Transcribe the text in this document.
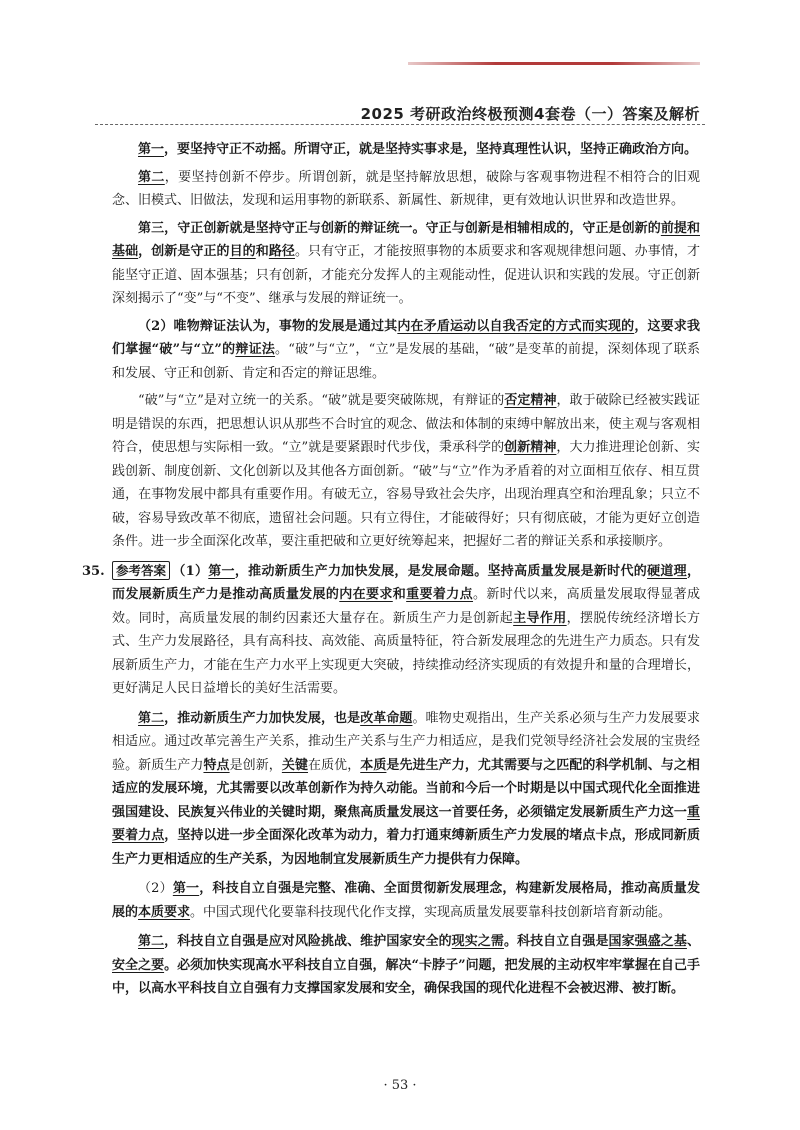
2025 考研政治终极预测4套卷（一）答案及解析

第一，要坚持守正不动摇。所谓守正，就是坚持实事求是，坚持真理性认识，坚持正确政治方向。

第二，要坚持创新不停步。所谓创新，就是坚持解放思想，破除与客观事物进程不相符合的旧观念、旧模式、旧做法，发现和运用事物的新联系、新属性、新规律，更有效地认识世界和改造世界。

第三，守正创新就是坚持守正与创新的辩证统一。守正与创新是相辅相成的，守正是创新的前提和基础，创新是守正的目的和路径。只有守正，才能按照事物的本质要求和客观规律想问题、办事情，才能坚守正道、固本强基；只有创新，才能充分发挥人的主观能动性，促进认识和实践的发展。守正创新深刻揭示了“变”与“不变”、继承与发展的辩证统一。

（2）唯物辩证法认为，事物的发展是通过其内在矛盾运动以自我否定的方式而实现的，这要求我们掌握“破”与“立”的辩证法。“破”与“立”，“立”是发展的基础，“破”是变革的前提，深刻体现了联系和发展、守正和创新、肯定和否定的辩证思维。

“破”与“立”是对立统一的关系。“破”就是要突破陈规，有辩证的否定精神，敢于破除已经被实践证明是错误的东西，把思想认识从那些不合时宜的观念、做法和体制的束缚中解放出来，使主观与客观相符合，使思想与实际相一致。“立”就是要紧跟时代步伐，秉承科学的创新精神，大力推进理论创新、实践创新、制度创新、文化创新以及其他各方面创新。“破”与“立”作为矛盾着的对立面相互依存、相互贯通，在事物发展中都具有重要作用。有破无立，容易导致社会失序，出现治理真空和治理乱象；只立不破，容易导致改革不彻底，遗留社会问题。只有立得住，才能破得好；只有彻底破，才能为更好立创造条件。进一步全面深化改革，要注重把破和立更好统筹起来，把握好二者的辩证关系和承接顺序。

35. 参考答案 （1）第一，推动新质生产力加快发展，是发展命题。坚持高质量发展是新时代的硬道理，而发展新质生产力是推动高质量发展的内在要求和重要着力点。新时代以来，高质量发展取得显著成效。同时，高质量发展的制约因素还大量存在。新质生产力是创新起主导作用，摆脱传统经济增长方式、生产力发展路径，具有高科技、高效能、高质量特征，符合新发展理念的先进生产力质态。只有发展新质生产力，才能在生产力水平上实现更大突破，持续推动经济实现质的有效提升和量的合理增长，更好满足人民日益增长的美好生活需要。

第二，推动新质生产力加快发展，也是改革命题。唯物史观指出，生产关系必须与生产力发展要求相适应。通过改革完善生产关系，推动生产关系与生产力相适应，是我们党领导经济社会发展的宝贵经验。新质生产力特点是创新，关键在质优，本质是先进生产力，尤其需要与之匹配的科学机制、与之相适应的发展环境，尤其需要以改革创新作为持久动能。当前和今后一个时期是以中国式现代化全面推进强国建设、民族复兴伟业的关键时期，聚焦高质量发展这一首要任务，必须锚定发展新质生产力这一重要着力点，坚持以进一步全面深化改革为动力，着力打通束缚新质生产力发展的堵点卡点，形成同新质生产力更相适应的生产关系，为因地制宜发展新质生产力提供有力保障。

（2）第一，科技自立自强是完整、准确、全面贯彻新发展理念，构建新发展格局，推动高质量发展的本质要求。中国式现代化要靠科技现代化作支撑，实现高质量发展要靠科技创新培育新动能。

第二，科技自立自强是应对风险挑战、维护国家安全的现实之需。科技自立自强是国家强盛之基、安全之要。必须加快实现高水平科技自立自强，解决“卡脖子”问题，把发展的主动权牢牢掌握在自己手中，以高水平科技自立自强有力支撑国家发展和安全，确保我国的现代化进程不会被迟滞、被打断。

· 53 ·
